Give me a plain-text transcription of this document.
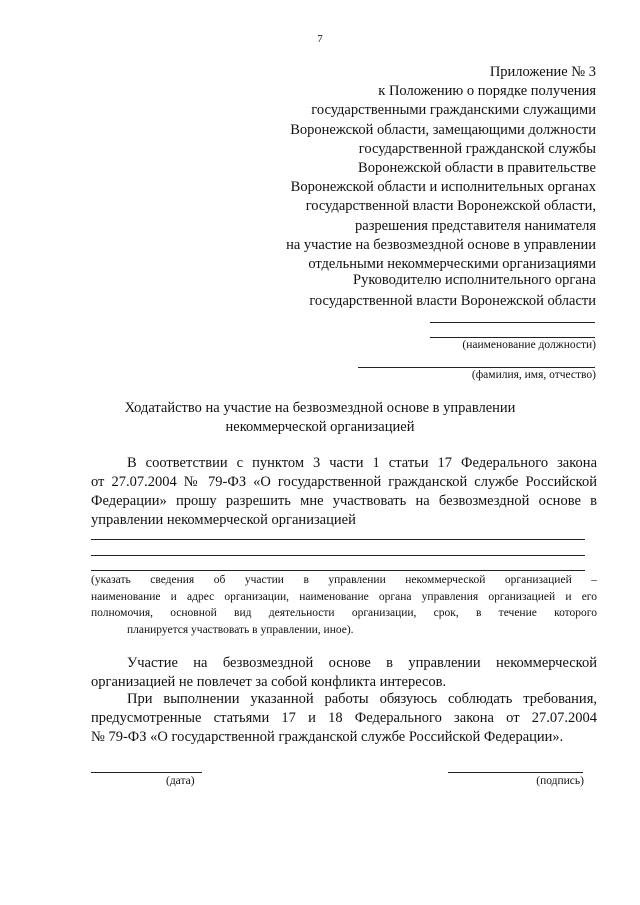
7
Приложение № 3
к Положению о порядке получения
государственными гражданскими служащими
Воронежской области, замещающими должности
государственной гражданской службы
Воронежской области в правительстве
Воронежской области и исполнительных органах
государственной власти Воронежской области,
разрешения представителя нанимателя
на участие на безвозмездной основе в управлении
отдельными некоммерческими организациями
Руководителю исполнительного органа
государственной власти Воронежской области
(наименование должности)
(фамилия, имя, отчество)
Ходатайство на участие на безвозмездной основе в управлении
некоммерческой организацией
В соответствии с пунктом 3 части 1 статьи 17 Федерального закона
от 27.07.2004 № 79-ФЗ «О государственной гражданской службе Российской
Федерации» прошу разрешить мне участвовать на безвозмездной основе в
управлении некоммерческой организацией
(указать сведения об участии в управлении некоммерческой организацией –
наименование и адрес организации, наименование органа управления организацией и его
полномочия, основной вид деятельности организации, срок, в течение которого
планируется участвовать в управлении, иное).
Участие на безвозмездной основе в управлении некоммерческой
организацией не повлечет за собой конфликта интересов.
При выполнении указанной работы обязуюсь соблюдать требования,
предусмотренные статьями 17 и 18 Федерального закона от 27.07.2004
№ 79-ФЗ «О государственной гражданской службе Российской Федерации».
(дата)	(подпись)
